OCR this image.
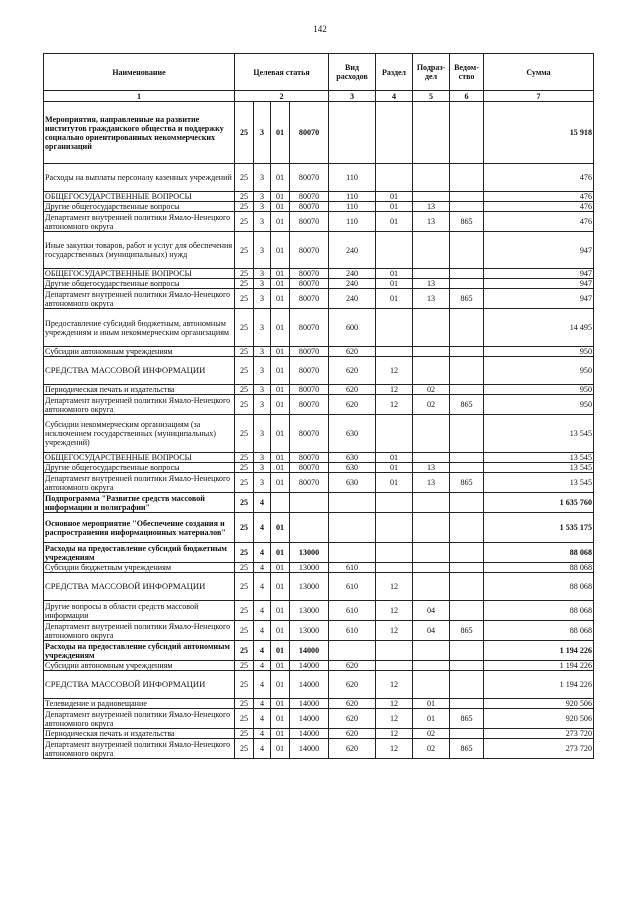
142
Наименование	Целевая статья				Вид расходов	Раздел	Подраз-дел	Ведом-ство	Сумма
1	2				3	4	5	6	7
Мероприятия, направленные на развитие институтов гражданского общества и поддержку социально ориентированных некоммерческих организаций	25	3	01	80070					15 918
Расходы на выплаты персоналу казенных учреждений	25	3	01	80070	110				476
ОБЩЕГОСУДАРСТВЕННЫЕ ВОПРОСЫ	25	3	01	80070	110	01			476
Другие общегосударственные вопросы	25	3	01	80070	110	01	13		476
Департамент внутренней политики Ямало-Ненецкого автономного округа	25	3	01	80070	110	01	13	865	476
Иные закупки товаров, работ и услуг для обеспечения государственных (муниципальных) нужд	25	3	01	80070	240				947
ОБЩЕГОСУДАРСТВЕННЫЕ ВОПРОСЫ	25	3	01	80070	240	01			947
Другие общегосударственные вопросы	25	3	01	80070	240	01	13		947
Департамент внутренней политики Ямало-Ненецкого автономного округа	25	3	01	80070	240	01	13	865	947
Предоставление субсидий бюджетным, автономным учреждениям и иным некоммерческим организациям	25	3	01	80070	600				14 495
Субсидии автономным учреждениям	25	3	01	80070	620				950
СРЕДСТВА МАССОВОЙ ИНФОРМАЦИИ	25	3	01	80070	620	12			950
Периодическая печать и издательства	25	3	01	80070	620	12	02		950
Департамент внутренней политики Ямало-Ненецкого автономного округа	25	3	01	80070	620	12	02	865	950
Субсидии некоммерческим организациям (за исключением государственных (муниципальных) учреждений)	25	3	01	80070	630				13 545
ОБЩЕГОСУДАРСТВЕННЫЕ ВОПРОСЫ	25	3	01	80070	630	01			13 545
Другие общегосударственные вопросы	25	3	01	80070	630	01	13		13 545
Департамент внутренней политики Ямало-Ненецкого автономного округа	25	3	01	80070	630	01	13	865	13 545
Подпрограмма "Развитие средств массовой информации и полиграфии"	25	4							1 635 760
Основное мероприятие "Обеспечение создания и распространения информационных материалов"	25	4	01						1 535 175
Расходы на предоставление субсидий бюджетным учреждениям	25	4	01	13000					88 068
Субсидии бюджетным учреждениям	25	4	01	13000	610				88 068
СРЕДСТВА МАССОВОЙ ИНФОРМАЦИИ	25	4	01	13000	610	12			88 068
Другие вопросы в области средств массовой информации	25	4	01	13000	610	12	04		88 068
Департамент внутренней политики Ямало-Ненецкого автономного округа	25	4	01	13000	610	12	04	865	88 068
Расходы на предоставление субсидий автономным учреждениям	25	4	01	14000					1 194 226
Субсидии автономным учреждениям	25	4	01	14000	620				1 194 226
СРЕДСТВА МАССОВОЙ ИНФОРМАЦИИ	25	4	01	14000	620	12			1 194 226
Телевидение и радиовещание	25	4	01	14000	620	12	01		920 506
Департамент внутренней политики Ямало-Ненецкого автономного округа	25	4	01	14000	620	12	01	865	920 506
Периодическая печать и издательства	25	4	01	14000	620	12	02		273 720
Департамент внутренней политики Ямало-Ненецкого автономного округа	25	4	01	14000	620	12	02	865	273 720
